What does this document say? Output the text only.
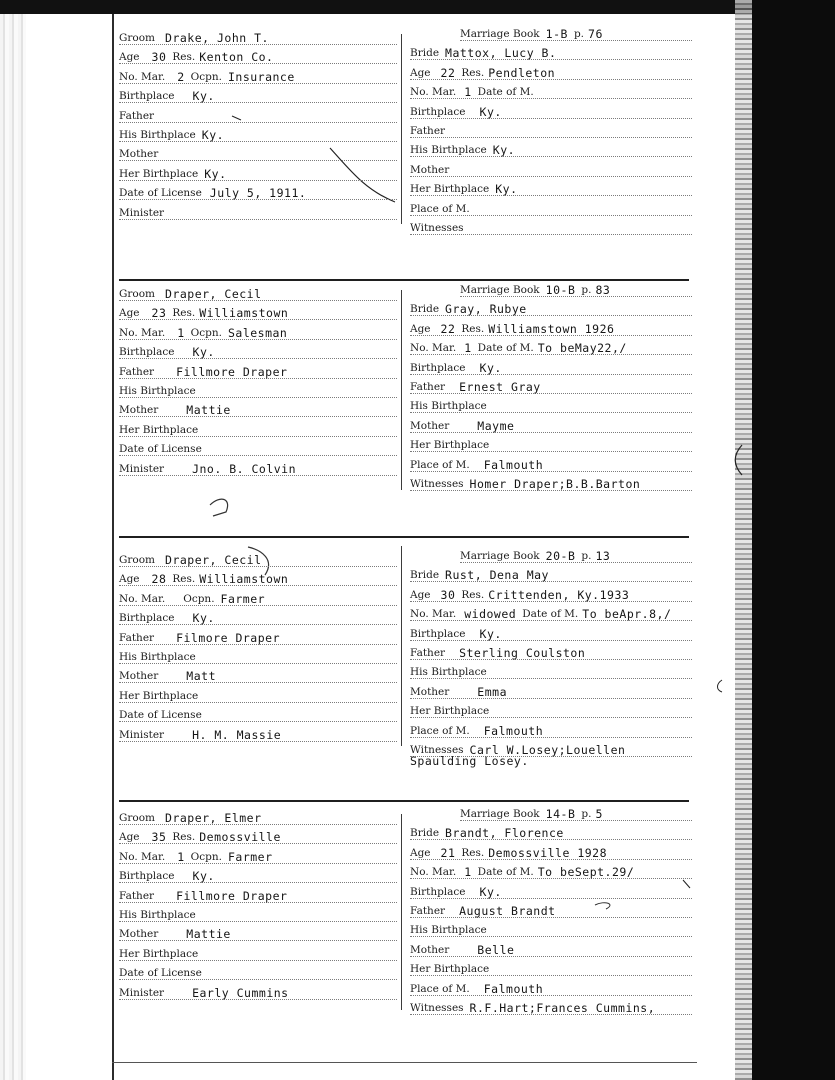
Groom Drake, John T.
Age	30 Res. Kenton Co.
No. Mar.	2 Ocpn. Insurance
Birthplace	Ky.
Father
His Birthplace Ky.
Mother
Her Birthplace Ky.
Date of License July 5, 1911.
Minister
Marriage Book 1-B p. 76
Bride Mattox, Lucy B.
Age 22 Res. Pendleton
No. Mar. 1 Date of M.
Birthplace	Ky.
Father
His Birthplace Ky.
Mother
Her Birthplace Ky.
Place of M.
Witnesses
Groom Draper, Cecil
Age	23 Res. Williamstown
No. Mar.	1 Ocpn. Salesman
Birthplace	Ky.
Father	Fillmore Draper
His Birthplace
Mother	Mattie
Her Birthplace
Date of License
Minister	Jno. B. Colvin
Marriage Book 10-B p. 83
Bride Gray, Rubye
Age 22 Res. Williamstown 1926
No. Mar. 1 Date of M. To beMay22,/
Birthplace	Ky.
Father	Ernest Gray
His Birthplace
Mother	Mayme
Her Birthplace
Place of M.	Falmouth
Witnesses Homer Draper;B.B.Barton
Groom Draper, Cecil
Age	28 Res. Williamstown
No. Mar.	Ocpn. Farmer
Birthplace	Ky.
Father	Filmore Draper
His Birthplace
Mother	Matt
Her Birthplace
Date of License
Minister	H. M. Massie
Marriage Book 20-B p. 13
Bride Rust, Dena May
Age 30 Res. Crittenden, Ky.1933
No. Mar. widowed Date of M. To beApr.8,/
Birthplace	Ky.
Father	Sterling Coulston
His Birthplace
Mother	Emma
Her Birthplace
Place of M.	Falmouth
Witnesses Carl W.Losey;Louellen
Spaulding Losey.
Groom Draper, Elmer
Age	35 Res. Demossville
No. Mar.	1 Ocpn. Farmer
Birthplace	Ky.
Father	Fillmore Draper
His Birthplace
Mother	Mattie
Her Birthplace
Date of License
Minister	Early Cummins
Marriage Book 14-B p. 5
Bride Brandt, Florence
Age 21 Res. Demossville 1928
No. Mar. 1 Date of M. To beSept.29/
Birthplace	Ky.
Father	August Brandt
His Birthplace
Mother	Belle
Her Birthplace
Place of M.	Falmouth
Witnesses R.F.Hart;Frances Cummins,
